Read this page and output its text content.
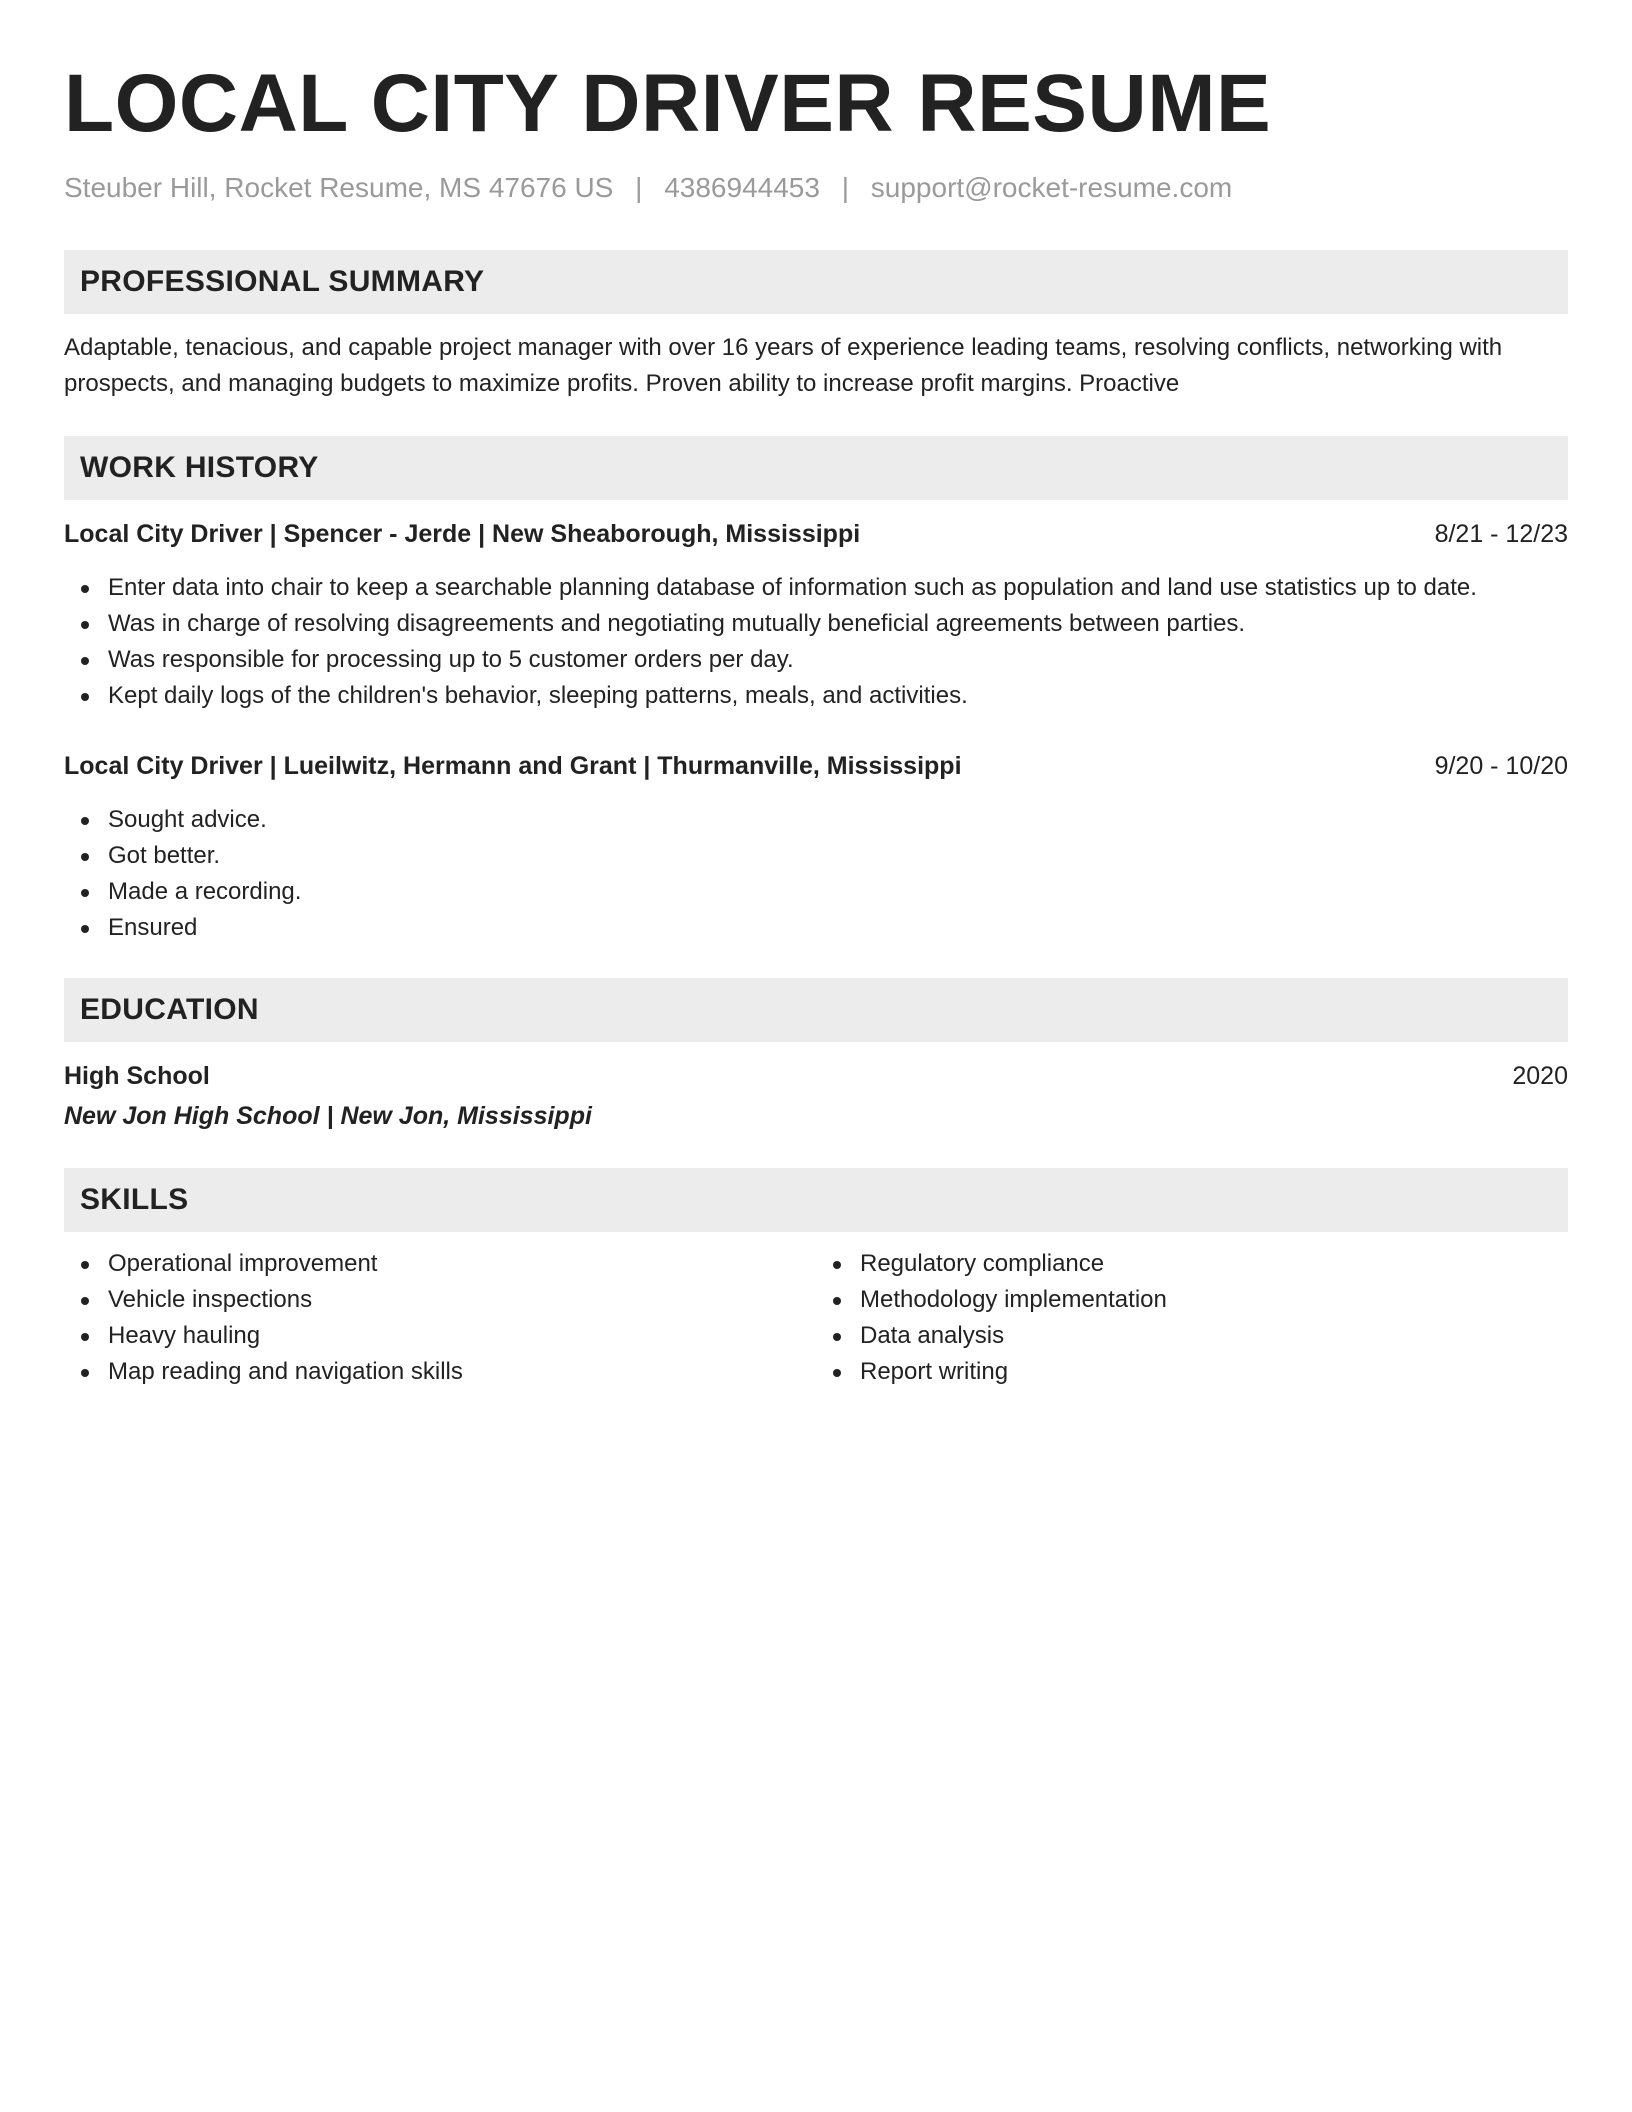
LOCAL CITY DRIVER RESUME
Steuber Hill, Rocket Resume, MS 47676 US | 4386944453 | support@rocket-resume.com
PROFESSIONAL SUMMARY
Adaptable, tenacious, and capable project manager with over 16 years of experience leading teams, resolving conflicts, networking with prospects, and managing budgets to maximize profits. Proven ability to increase profit margins. Proactive
WORK HISTORY
Local City Driver | Spencer - Jerde | New Sheaborough, Mississippi	8/21 - 12/23
Enter data into chair to keep a searchable planning database of information such as population and land use statistics up to date.
Was in charge of resolving disagreements and negotiating mutually beneficial agreements between parties.
Was responsible for processing up to 5 customer orders per day.
Kept daily logs of the children's behavior, sleeping patterns, meals, and activities.
Local City Driver | Lueilwitz, Hermann and Grant | Thurmanville, Mississippi	9/20 - 10/20
Sought advice.
Got better.
Made a recording.
Ensured
EDUCATION
High School	2020
New Jon High School | New Jon, Mississippi
SKILLS
Operational improvement
Vehicle inspections
Heavy hauling
Map reading and navigation skills
Regulatory compliance
Methodology implementation
Data analysis
Report writing
